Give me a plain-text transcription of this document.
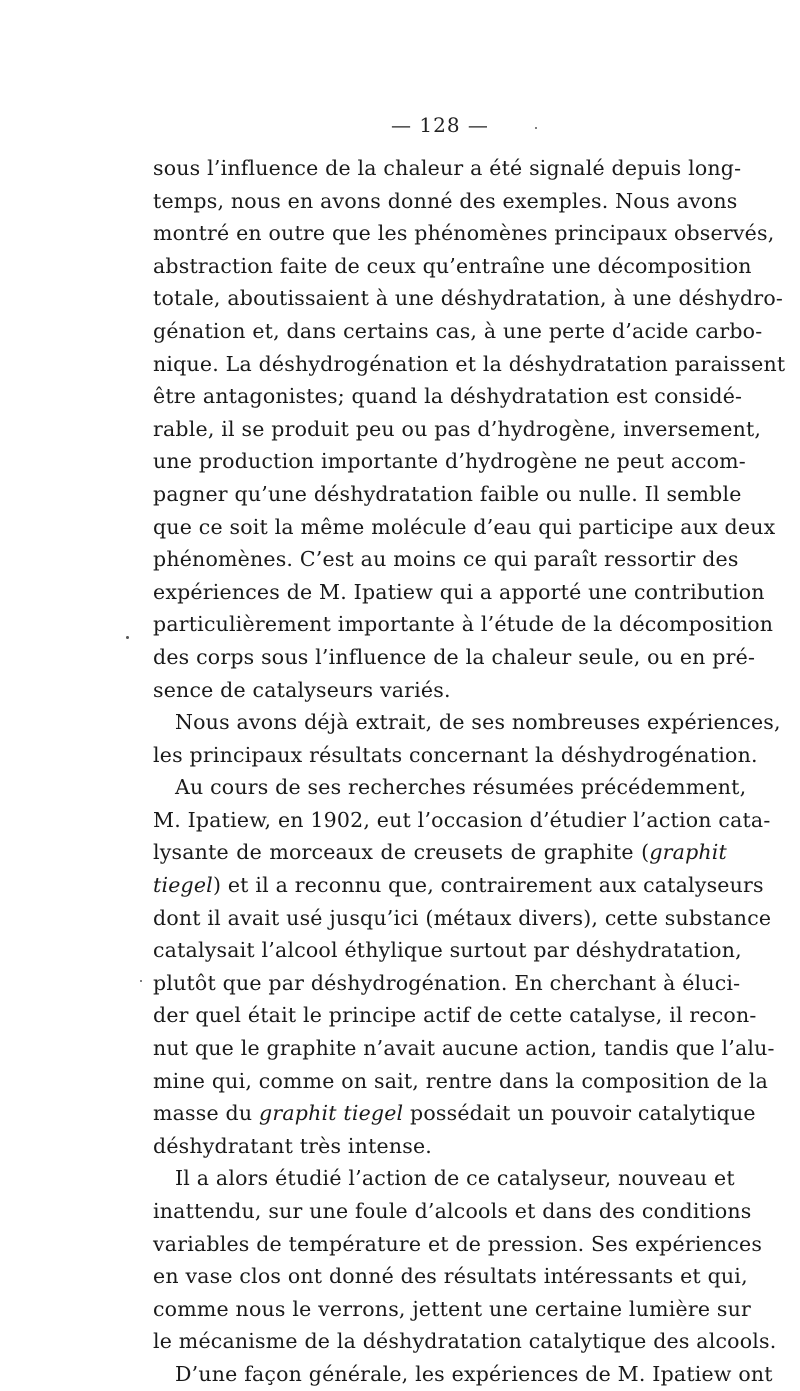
— 128 —
sous l’influence de la chaleur a été signalé depuis long-
temps, nous en avons donné des exemples. Nous avons
montré en outre que les phénomènes principaux observés,
abstraction faite de ceux qu’entraîne une décomposition
totale, aboutissaient à une déshydratation, à une déshydro-
génation et, dans certains cas, à une perte d’acide carbo-
nique. La déshydrogénation et la déshydratation paraissent
être antagonistes; quand la déshydratation est considé-
rable, il se produit peu ou pas d’hydrogène, inversement,
une production importante d’hydrogène ne peut accom-
pagner qu’une déshydratation faible ou nulle. Il semble
que ce soit la même molécule d’eau qui participe aux deux
phénomènes. C’est au moins ce qui paraît ressortir des
expériences de M. Ipatiew qui a apporté une contribution
particulièrement importante à l’étude de la décomposition
des corps sous l’influence de la chaleur seule, ou en pré-
sence de catalyseurs variés.
Nous avons déjà extrait, de ses nombreuses expériences,
les principaux résultats concernant la déshydrogénation.
Au cours de ses recherches résumées précédemment,
M. Ipatiew, en 1902, eut l’occasion d’étudier l’action cata-
lysante de morceaux de creusets de graphite (graphit
tiegel) et il a reconnu que, contrairement aux catalyseurs
dont il avait usé jusqu’ici (métaux divers), cette substance
catalysait l’alcool éthylique surtout par déshydratation,
plutôt que par déshydrogénation. En cherchant à éluci-
der quel était le principe actif de cette catalyse, il recon-
nut que le graphite n’avait aucune action, tandis que l’alu-
mine qui, comme on sait, rentre dans la composition de la
masse du graphit tiegel possédait un pouvoir catalytique
déshydratant très intense.
Il a alors étudié l’action de ce catalyseur, nouveau et
inattendu, sur une foule d’alcools et dans des conditions
variables de température et de pression. Ses expériences
en vase clos ont donné des résultats intéressants et qui,
comme nous le verrons, jettent une certaine lumière sur
le mécanisme de la déshydratation catalytique des alcools.
D’une façon générale, les expériences de M. Ipatiew ont
